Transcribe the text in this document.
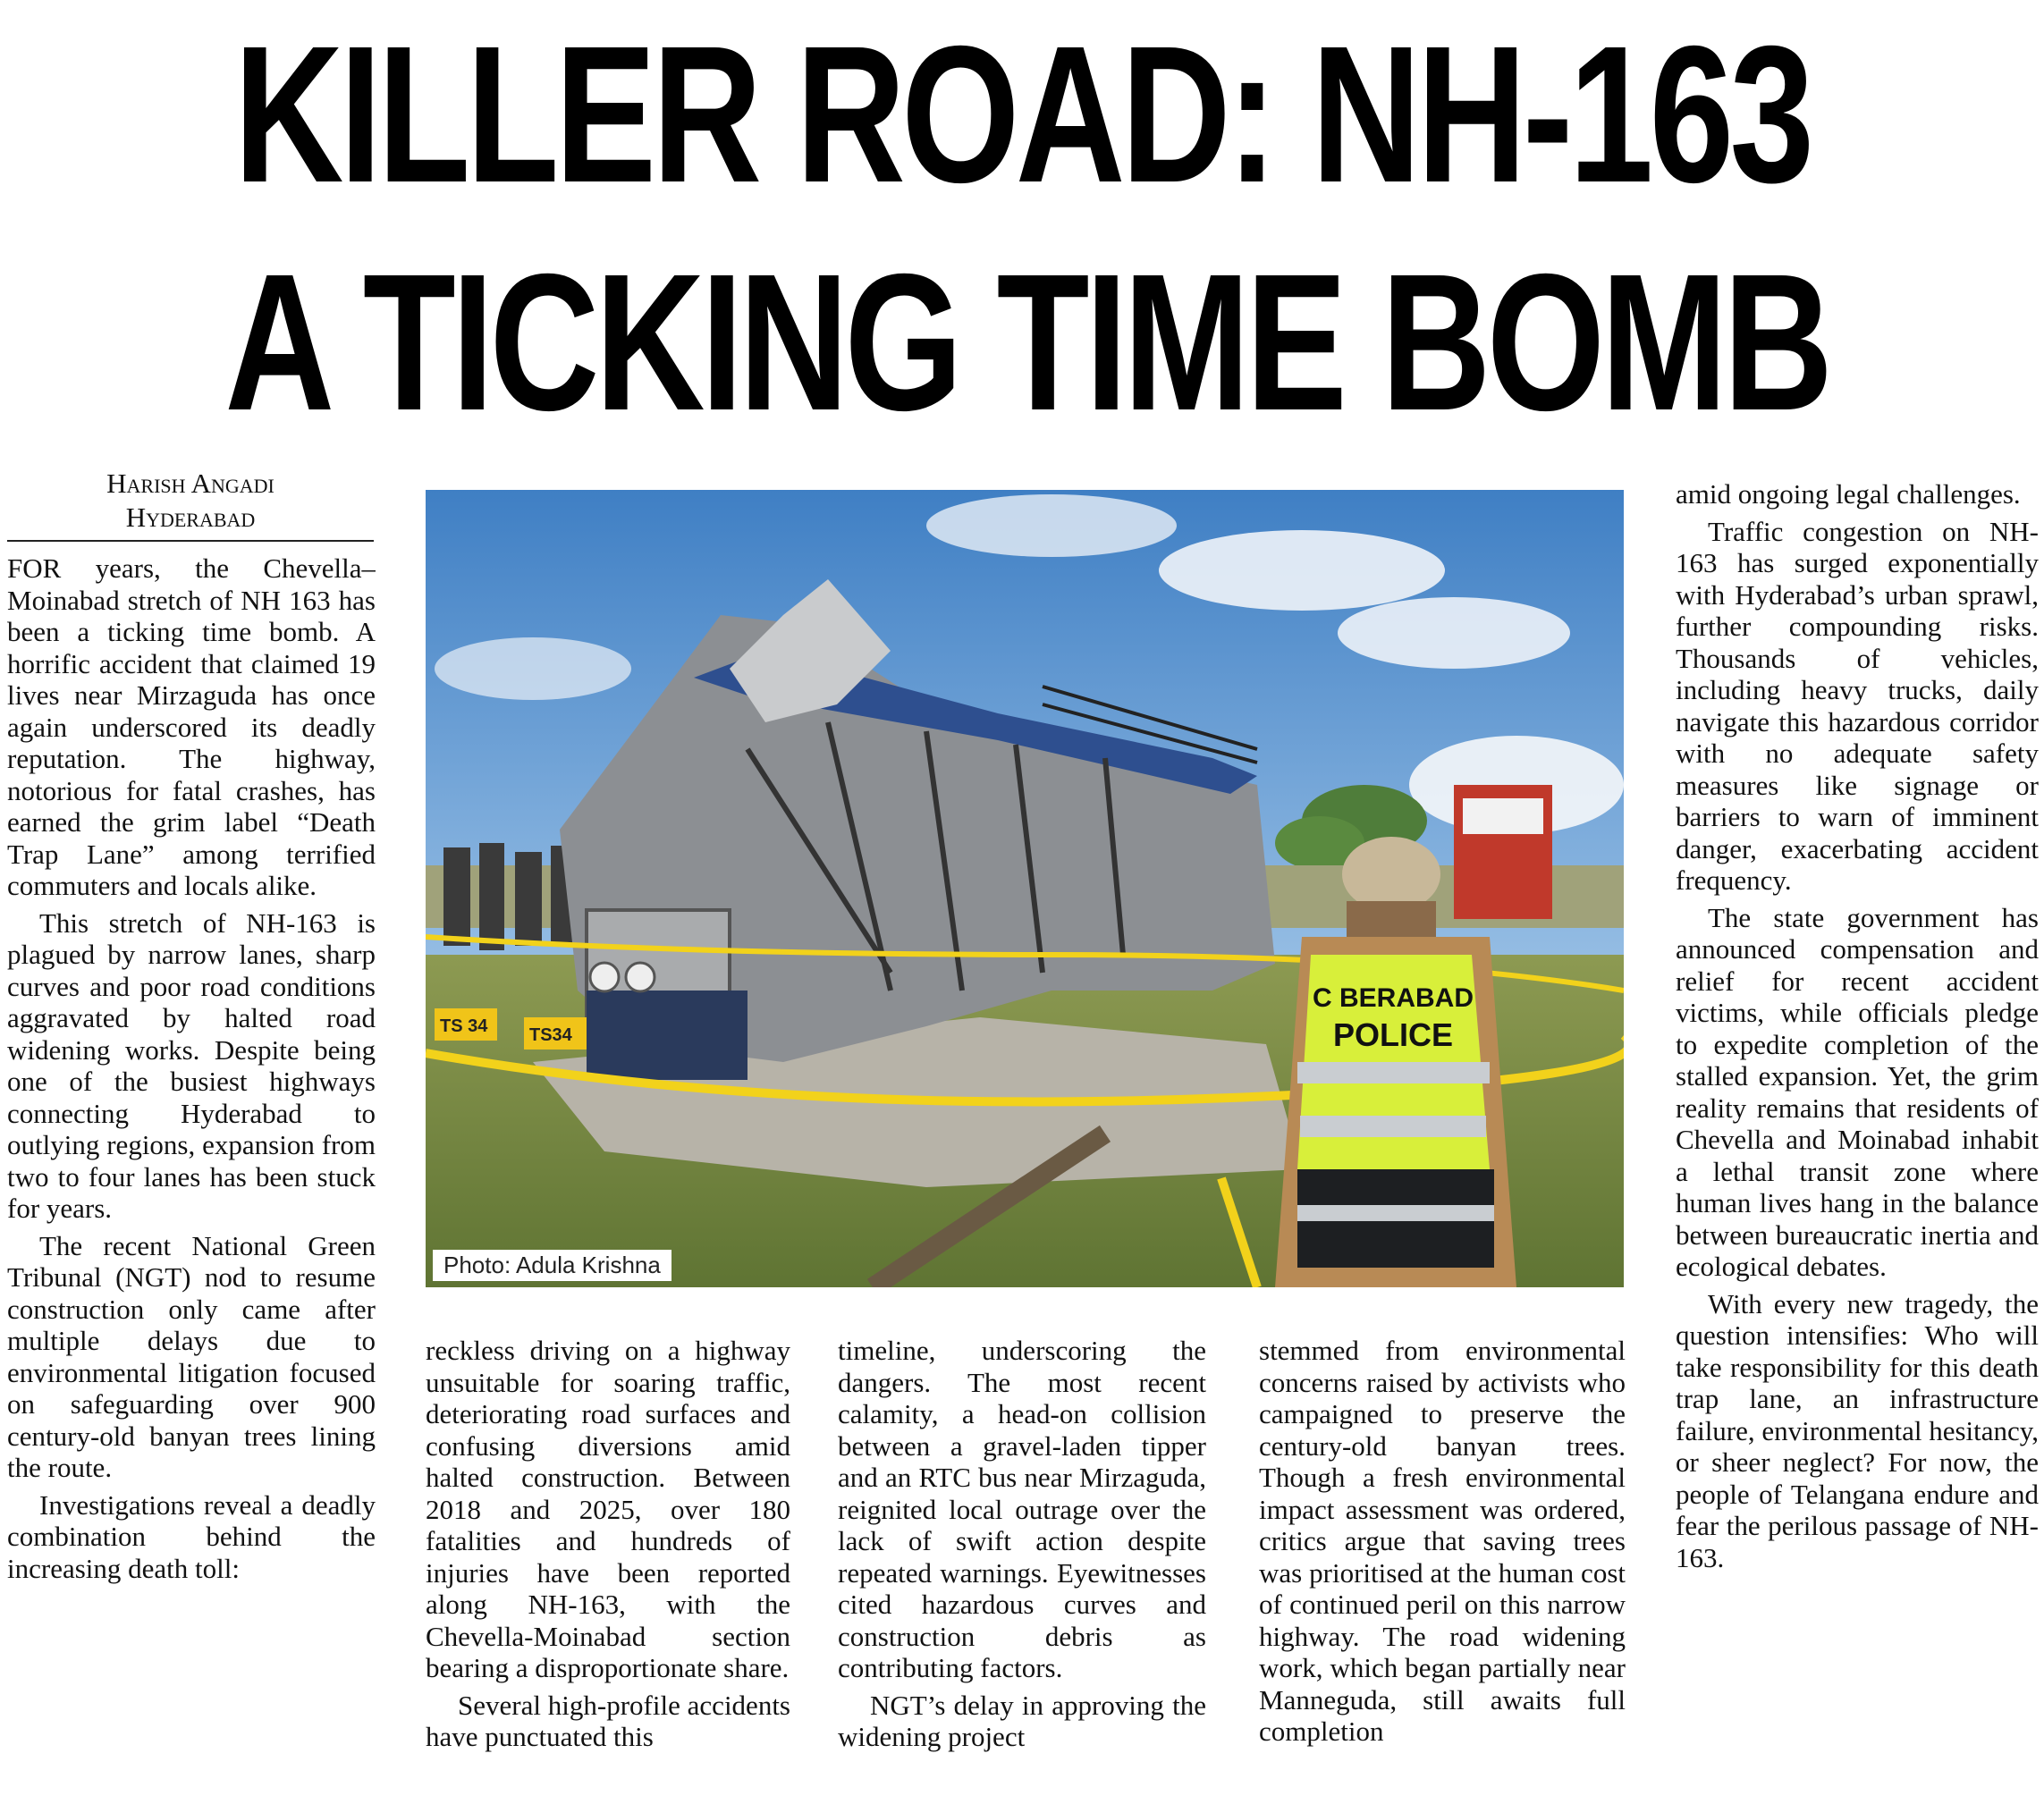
KILLER ROAD: NH-163
A TICKING TIME BOMB
Harish Angadi
Hyderabad

FOR years, the Chevella–Moinabad stretch of NH 163 has been a ticking time bomb. A horrific accident that claimed 19 lives near Mirzaguda has once again underscored its deadly reputation. The highway, notorious for fatal crashes, has earned the grim label “Death Trap Lane” among terrified commuters and locals alike.

This stretch of NH-163 is plagued by narrow lanes, sharp curves and poor road conditions aggravated by halted road widening works. Despite being one of the busiest highways connecting Hyderabad to outlying regions, expansion from two to four lanes has been stuck for years.

The recent National Green Tribunal (NGT) nod to resume construction only came after multiple delays due to environmental litigation focused on safeguarding over 900 century-old banyan trees lining the route.

Investigations reveal a deadly combination behind the increasing death toll:

TS 34 TS34
C BERABAD
POLICE
Photo: Adula Krishna

reckless driving on a highway unsuitable for soaring traffic, deteriorating road surfaces and confusing diversions amid halted construction. Between 2018 and 2025, over 180 fatalities and hundreds of injuries have been reported along NH-163, with the Chevella-Moinabad section bearing a disproportionate share.

Several high-profile accidents have punctuated this

timeline, underscoring the dangers. The most recent calamity, a head-on collision between a gravel-laden tipper and an RTC bus near Mirzaguda, reignited local outrage over the lack of swift action despite repeated warnings. Eyewitnesses cited hazardous curves and construction debris as contributing factors.

NGT’s delay in approving the widening project

stemmed from environmental concerns raised by activists who campaigned to preserve the century-old banyan trees. Though a fresh environmental impact assessment was ordered, critics argue that saving trees was prioritised at the human cost of continued peril on this narrow highway. The road widening work, which began partially near Manneguda, still awaits full completion

amid ongoing legal challenges.

Traffic congestion on NH-163 has surged exponentially with Hyderabad’s urban sprawl, further compounding risks. Thousands of vehicles, including heavy trucks, daily navigate this hazardous corridor with no adequate safety measures like signage or barriers to warn of imminent danger, exacerbating accident frequency.

The state government has announced compensation and relief for recent accident victims, while officials pledge to expedite completion of the stalled expansion. Yet, the grim reality remains that residents of Chevella and Moinabad inhabit a lethal transit zone where human lives hang in the balance between bureaucratic inertia and ecological debates.

With every new tragedy, the question intensifies: Who will take responsibility for this death trap lane, an infrastructure failure, environmental hesitancy, or sheer neglect? For now, the people of Telangana endure and fear the perilous passage of NH-163.
